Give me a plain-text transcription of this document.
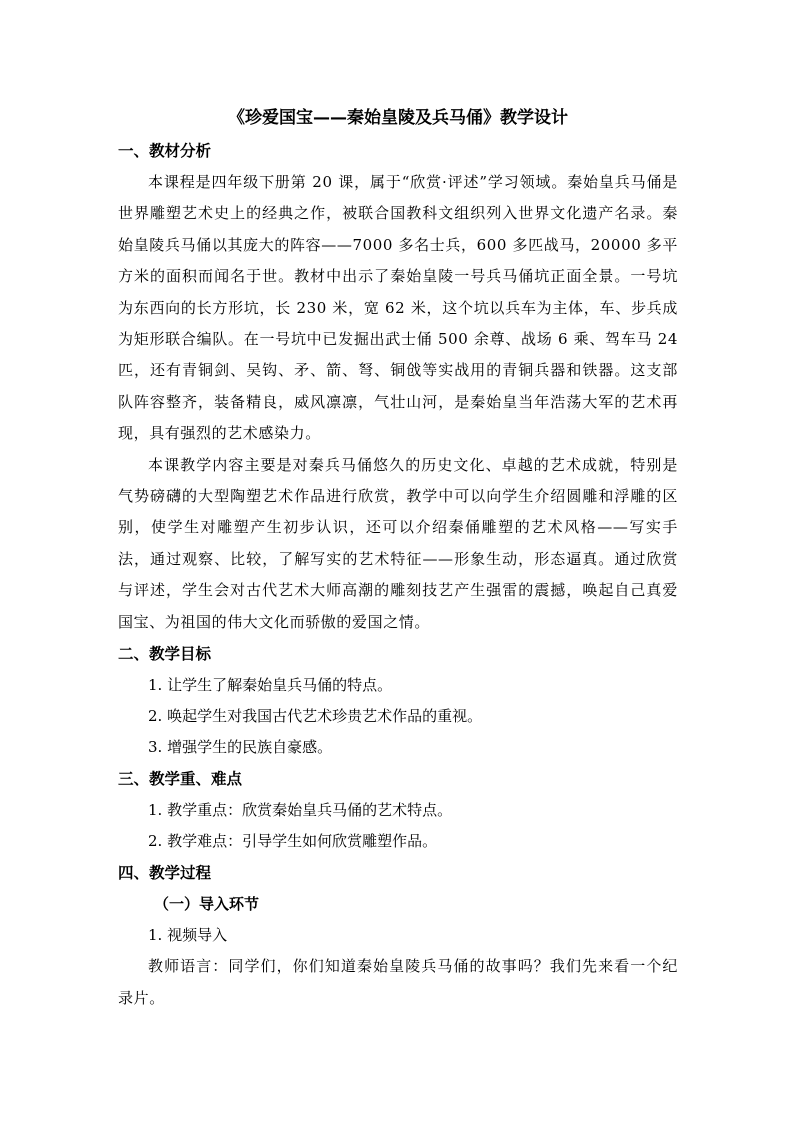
《珍爱国宝——秦始皇陵及兵马俑》教学设计
一、教材分析

本课程是四年级下册第 20 课，属于“欣赏·评述”学习领域。秦始皇兵马俑是世界雕塑艺术史上的经典之作，被联合国教科文组织列入世界文化遗产名录。秦始皇陵兵马俑以其庞大的阵容——7000 多名士兵，600 多匹战马，20000 多平方米的面积而闻名于世。教材中出示了秦始皇陵一号兵马俑坑正面全景。一号坑为东西向的长方形坑，长 230 米，宽 62 米，这个坑以兵车为主体，车、步兵成为矩形联合编队。在一号坑中已发掘出武士俑 500 余尊、战场 6 乘、驾车马 24 匹，还有青铜剑、吴钩、矛、箭、弩、铜戗等实战用的青铜兵器和铁器。这支部队阵容整齐，装备精良，威风凛凛，气壮山河，是秦始皇当年浩荡大军的艺术再现，具有强烈的艺术感染力。

本课教学内容主要是对秦兵马俑悠久的历史文化、卓越的艺术成就，特别是气势磅礴的大型陶塑艺术作品进行欣赏，教学中可以向学生介绍圆雕和浮雕的区别，使学生对雕塑产生初步认识，还可以介绍秦俑雕塑的艺术风格——写实手法，通过观察、比较，了解写实的艺术特征——形象生动，形态逼真。通过欣赏与评述，学生会对古代艺术大师高潮的雕刻技艺产生强雷的震撼，唤起自己真爱国宝、为祖国的伟大文化而骄傲的爱国之情。

二、教学目标

1. 让学生了解秦始皇兵马俑的特点。

2. 唤起学生对我国古代艺术珍贵艺术作品的重视。

3. 增强学生的民族自豪感。

三、教学重、难点

1. 教学重点：欣赏秦始皇兵马俑的艺术特点。

2. 教学难点：引导学生如何欣赏雕塑作品。

四、教学过程
（一）导入环节

1. 视频导入

教师语言：同学们，你们知道秦始皇陵兵马俑的故事吗？我们先来看一个纪录片。
